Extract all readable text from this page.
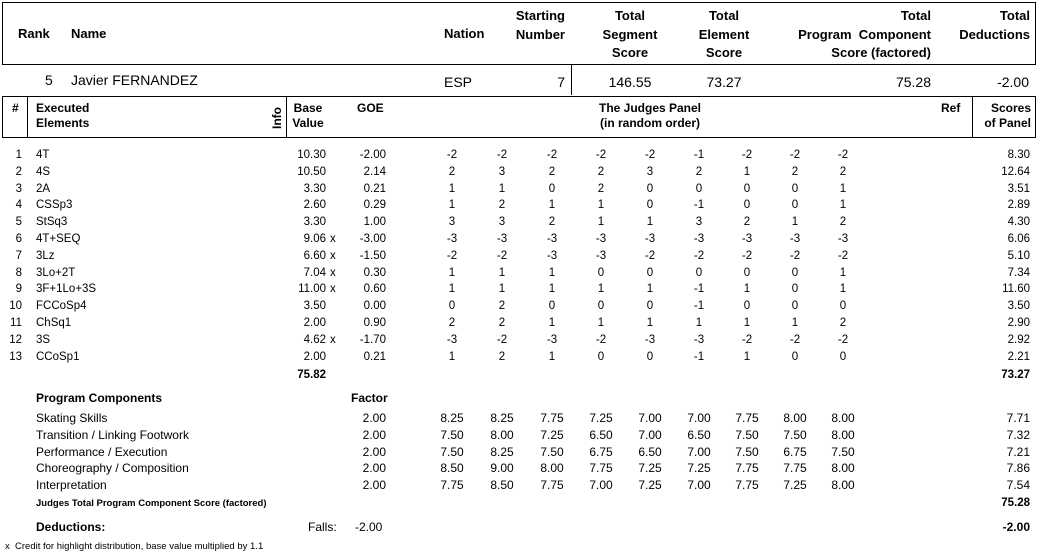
Rank Name	Nation
Starting
Number
Total
Segment
Score
Total
Element
Score
Total
Program  Component
Score (factored)
Total
Deductions
5 Javier FERNANDEZ	ESP	7	146.55	73.27	75.28	-2.00
# Executed
Elements	Info Base
Value
GOE	The Judges Panel
(in random order)
Ref	Scores
of Panel
1 4T	10.30	-2.00	-2	-2	-2	-2	-2	-1	-2	-2	-2	8.30
2 4S	10.50	2.14	2	3	2	2	3	2	1	2	2	12.64
3 2A	3.30	0.21	1	1	0	2	0	0	0	0	1	3.51
4 CSSp3	2.60	0.29	1	2	1	1	0	-1	0	0	1	2.89
5 StSq3	3.30	1.00	3	3	2	1	1	3	2	1	2	4.30
6 4T+SEQ	9.06 x	-3.00	-3	-3	-3	-3	-3	-3	-3	-3	-3	6.06
7 3Lz	6.60 x	-1.50	-2	-2	-3	-3	-2	-2	-2	-2	-2	5.10
8 3Lo+2T	7.04 x	0.30	1	1	1	0	0	0	0	0	1	7.34
9 3F+1Lo+3S	11.00 x	0.60	1	1	1	1	1	-1	1	0	1	11.60
10 FCCoSp4	3.50	0.00	0	2	0	0	0	-1	0	0	0	3.50
11 ChSq1	2.00	0.90	2	2	1	1	1	1	1	1	2	2.90
12 3S	4.62 x	-1.70	-3	-2	-3	-2	-3	-3	-2	-2	-2	2.92
13 CCoSp1	2.00	0.21	1	2	1	0	0	-1	1	0	0	2.21
75.82	73.27
Program Components	Factor
Skating Skills	2.00	8.25	8.25	7.75	7.25	7.00	7.00	7.75	8.00	8.00	7.71
Transition / Linking Footwork	2.00	7.50	8.00	7.25	6.50	7.00	6.50	7.50	7.50	8.00	7.32
Performance / Execution	2.00	7.50	8.25	7.50	6.75	6.50	7.00	7.50	6.75	7.50	7.21
Choreography / Composition	2.00	8.50	9.00	8.00	7.75	7.25	7.25	7.75	7.75	8.00	7.86
Interpretation	2.00	7.75	8.50	7.75	7.00	7.25	7.00	7.75	7.25	8.00	7.54
Judges Total Program Component Score (factored)	75.28
Deductions:	Falls: -2.00	-2.00
x  Credit for highlight distribution, base value multiplied by 1.1
